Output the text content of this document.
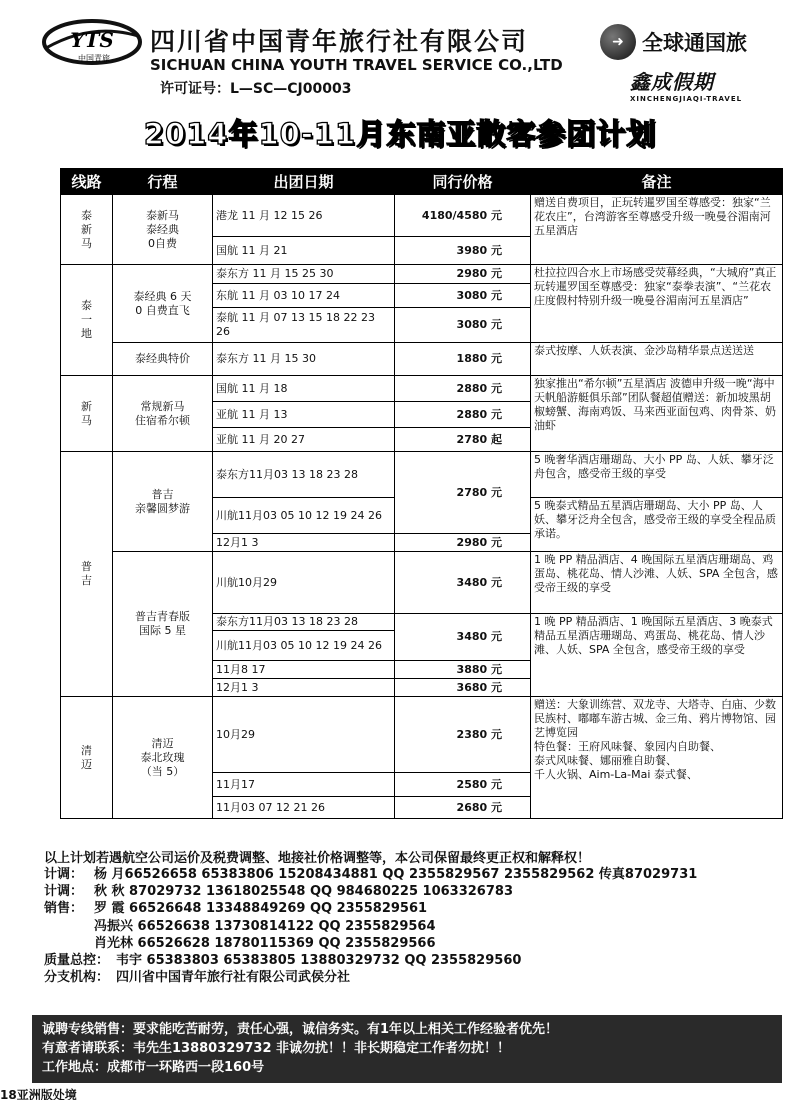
YTS
中国青旅
四川省中国青年旅行社有限公司
SICHUAN CHINA YOUTH TRAVEL SERVICE CO.,LTD
许可证号：L—SC—CJ00003
➜ 全球通国旅
鑫成假期
XINCHENGJIAQI-TRAVEL
2014年10-11月东南亚散客参团计划
线路	行程	出团日期	同行价格	备注
泰
新
马	泰新马
泰经典
0自费	港龙 11 月 12 15 26	4180/4580 元	赠送自费项目，正玩转暹罗国至尊感受：独家“兰花农庄”，台湾游客至尊感受升级一晚曼谷湄南河五星酒店
		国航 11 月 21	3980 元	
泰
一
地	泰经典 6 天
0 自费直飞	泰东方 11 月 15 25 30	2980 元	杜拉拉四合水上市场感受荧幕经典，“大城府”真正玩转暹罗国至尊感受：独家“泰拳表演”、“兰花农庄度假村特别升级一晚曼谷湄南河五星酒店”
		东航 11 月 03 10 17 24	3080 元	
		泰航 11 月 07 13 15 18 22 23 26	3080 元	
	泰经典特价	泰东方 11 月 15 30	1880 元	泰式按摩、人妖表演、金沙岛精华景点送送送
新
马	常规新马
住宿希尔顿	国航 11 月 18	2880 元	独家推出“希尔顿”五星酒店 波德申升级一晚“海中天帆船游艇俱乐部”团队餐超值赠送：新加坡黑胡椒螃蟹、海南鸡饭、马来西亚面包鸡、肉骨茶、奶油虾
		亚航 11 月 13	2880 元	
		亚航 11 月 20 27	2780 起	
普
吉	普吉
亲馨圆梦游	泰东方11月03 13 18 23 28	2780 元	5 晚奢华酒店珊瑚岛、大小 PP 岛、人妖、攀牙泛舟包含，感受帝王级的享受
		川航11月03 05 10 12 19 24 26		5 晚泰式精品五星酒店珊瑚岛、大小 PP 岛、人妖、攀牙泛舟全包含，感受帝王级的享受全程品质承诺。
		12月1 3	2980 元	
	普吉青春版
国际 5 星	川航10月29	3480 元	1 晚 PP 精品酒店、4 晚国际五星酒店珊瑚岛、鸡蛋岛、桃花岛、情人沙滩、人妖、SPA 全包含，感受帝王级的享受
		泰东方11月03 13 18 23 28	3480 元	1 晚 PP 精品酒店、1 晚国际五星酒店、3 晚泰式精品五星酒店珊瑚岛、鸡蛋岛、桃花岛、情人沙滩、人妖、SPA 全包含，感受帝王级的享受
		川航11月03 05 10 12 19 24 26		
		11月8 17	3880 元	
		12月1 3	3680 元	
清
迈	清迈
泰北玫瑰
（当 5）	10月29	2380 元	赠送：大象训练营、双龙寺、大塔寺、白庙、少数民族村、嘟嘟车游古城、金三角、鸦片博物馆、园艺博览园
特色餐：王府风味餐、象园内自助餐、
泰式风味餐、娜丽雅自助餐、
千人火锅、Aim-La-Mai 泰式餐、
		11月17	2580 元	
		11月03 07 12 21 26	2680 元	
以上计划若遇航空公司运价及税费调整、地接社价格调整等，本公司保留最终更正权和解释权！
计调： 杨 月66526658 65383806 15208434881 QQ 2355829567 2355829562 传真87029731
计调： 秋 秋 87029732 13618025548 QQ 984680225 1063326783
销售： 罗 霞 66526648 13348849269 QQ 2355829561
冯振兴 66526638 13730814122 QQ 2355829564
肖光林 66526628 18780115369 QQ 2355829566
质量总控： 韦宇 65383803 65383805 13880329732 QQ 2355829560
分支机构： 四川省中国青年旅行社有限公司武侯分社
诚聘专线销售：要求能吃苦耐劳，责任心强，诚信务实。有1年以上相关工作经验者优先！
有意者请联系：韦先生13880329732 非诚勿扰！！非长期稳定工作者勿扰！！
工作地点：成都市一环路西一段160号
18亚洲版处境
